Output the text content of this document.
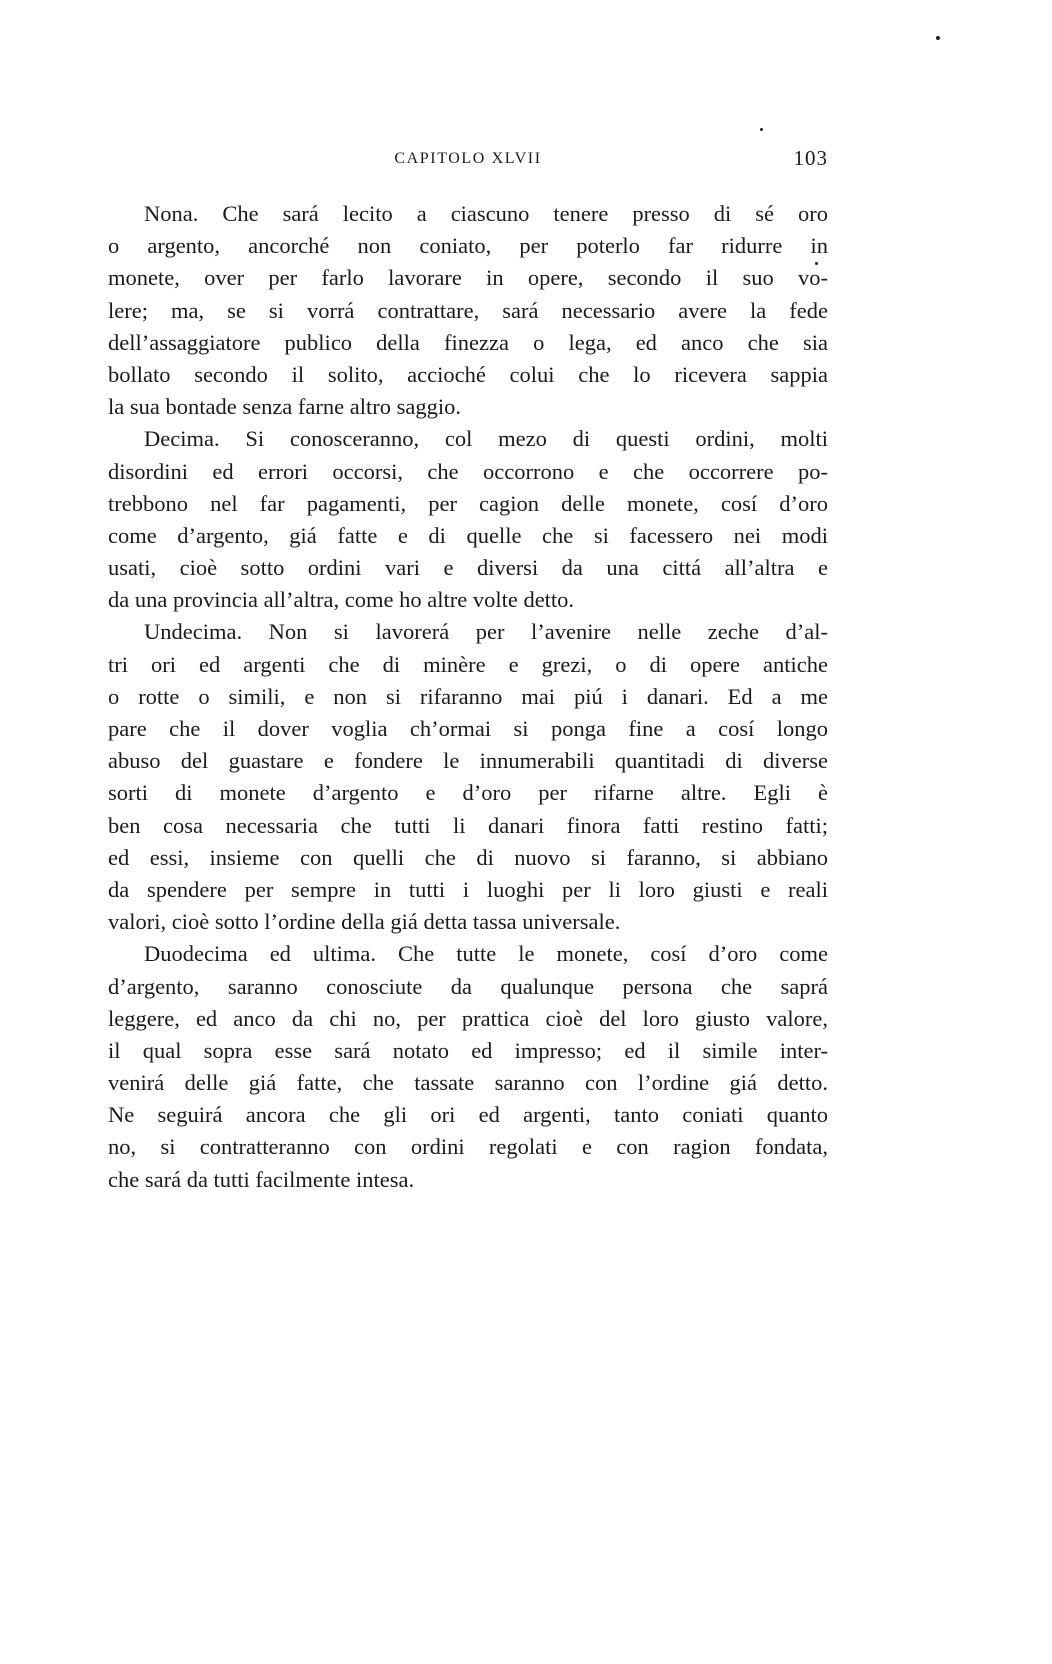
CAPITOLO XLVII	103
Nona. Che sará lecito a ciascuno tenere presso di sé oro
o argento, ancorché non coniato, per poterlo far ridurre in
monete, over per farlo lavorare in opere, secondo il suo vo-
lere; ma, se si vorrá contrattare, sará necessario avere la fede
dell’assaggiatore publico della finezza o lega, ed anco che sia
bollato secondo il solito, accioché colui che lo ricevera sappia
la sua bontade senza farne altro saggio.
Decima. Si conosceranno, col mezo di questi ordini, molti
disordini ed errori occorsi, che occorrono e che occorrere po-
trebbono nel far pagamenti, per cagion delle monete, cosí d’oro
come d’argento, giá fatte e di quelle che si facessero nei modi
usati, cioè sotto ordini vari e diversi da una cittá all’altra e
da una provincia all’altra, come ho altre volte detto.
Undecima. Non si lavorerá per l’avenire nelle zeche d’al-
tri ori ed argenti che di minère e grezi, o di opere antiche
o rotte o simili, e non si rifaranno mai piú i danari. Ed a me
pare che il dover voglia ch’ormai si ponga fine a cosí longo
abuso del guastare e fondere le innumerabili quantitadi di diverse
sorti di monete d’argento e d’oro per rifarne altre. Egli è
ben cosa necessaria che tutti li danari finora fatti restino fatti;
ed essi, insieme con quelli che di nuovo si faranno, si abbiano
da spendere per sempre in tutti i luoghi per li loro giusti e reali
valori, cioè sotto l’ordine della giá detta tassa universale.
Duodecima ed ultima. Che tutte le monete, cosí d’oro come
d’argento, saranno conosciute da qualunque persona che saprá
leggere, ed anco da chi no, per prattica cioè del loro giusto valore,
il qual sopra esse sará notato ed impresso; ed il simile inter-
venirá delle giá fatte, che tassate saranno con l’ordine giá detto.
Ne seguirá ancora che gli ori ed argenti, tanto coniati quanto
no, si contratteranno con ordini regolati e con ragion fondata,
che sará da tutti facilmente intesa.
